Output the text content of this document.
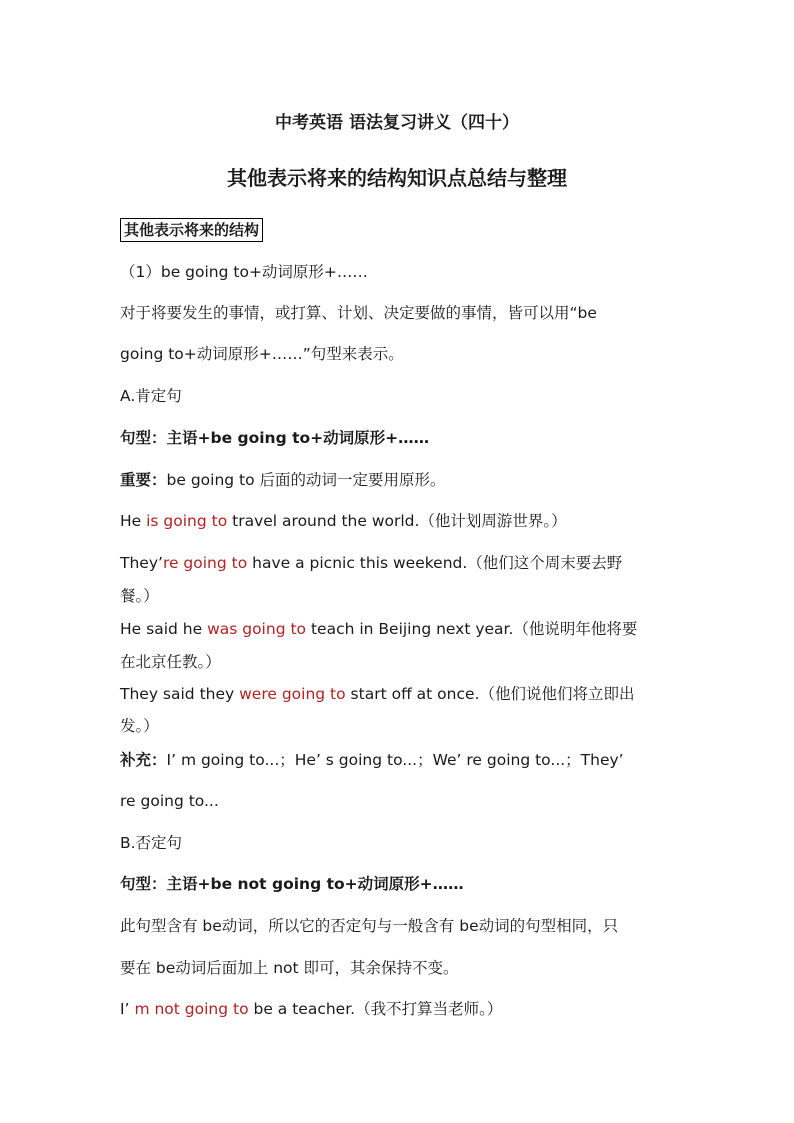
中考英语 语法复习讲义（四十）
其他表示将来的结构知识点总结与整理
其他表示将来的结构
（1）be going to+动词原形+……
对于将要发生的事情，或打算、计划、决定要做的事情，皆可以用“be
going to+动词原形+……”句型来表示。
A.肯定句
句型：主语+be going to+动词原形+……
重要：be going to 后面的动词一定要用原形。
He is going to travel around the world.（他计划周游世界。）
They’re going to have a picnic this weekend.（他们这个周末要去野
餐。）
He said he was going to teach in Beijing next year.（他说明年他将要
在北京任教。）
They said they were going to start off at once.（他们说他们将立即出
发。）
补充：I’ m going to...；He’ s going to...；We’ re going to...；They’
re going to...
B.否定句
句型：主语+be not going to+动词原形+……
此句型含有 be动词，所以它的否定句与一般含有 be动词的句型相同，只
要在 be动词后面加上 not 即可，其余保持不变。
I’ m not going to be a teacher.（我不打算当老师。）
